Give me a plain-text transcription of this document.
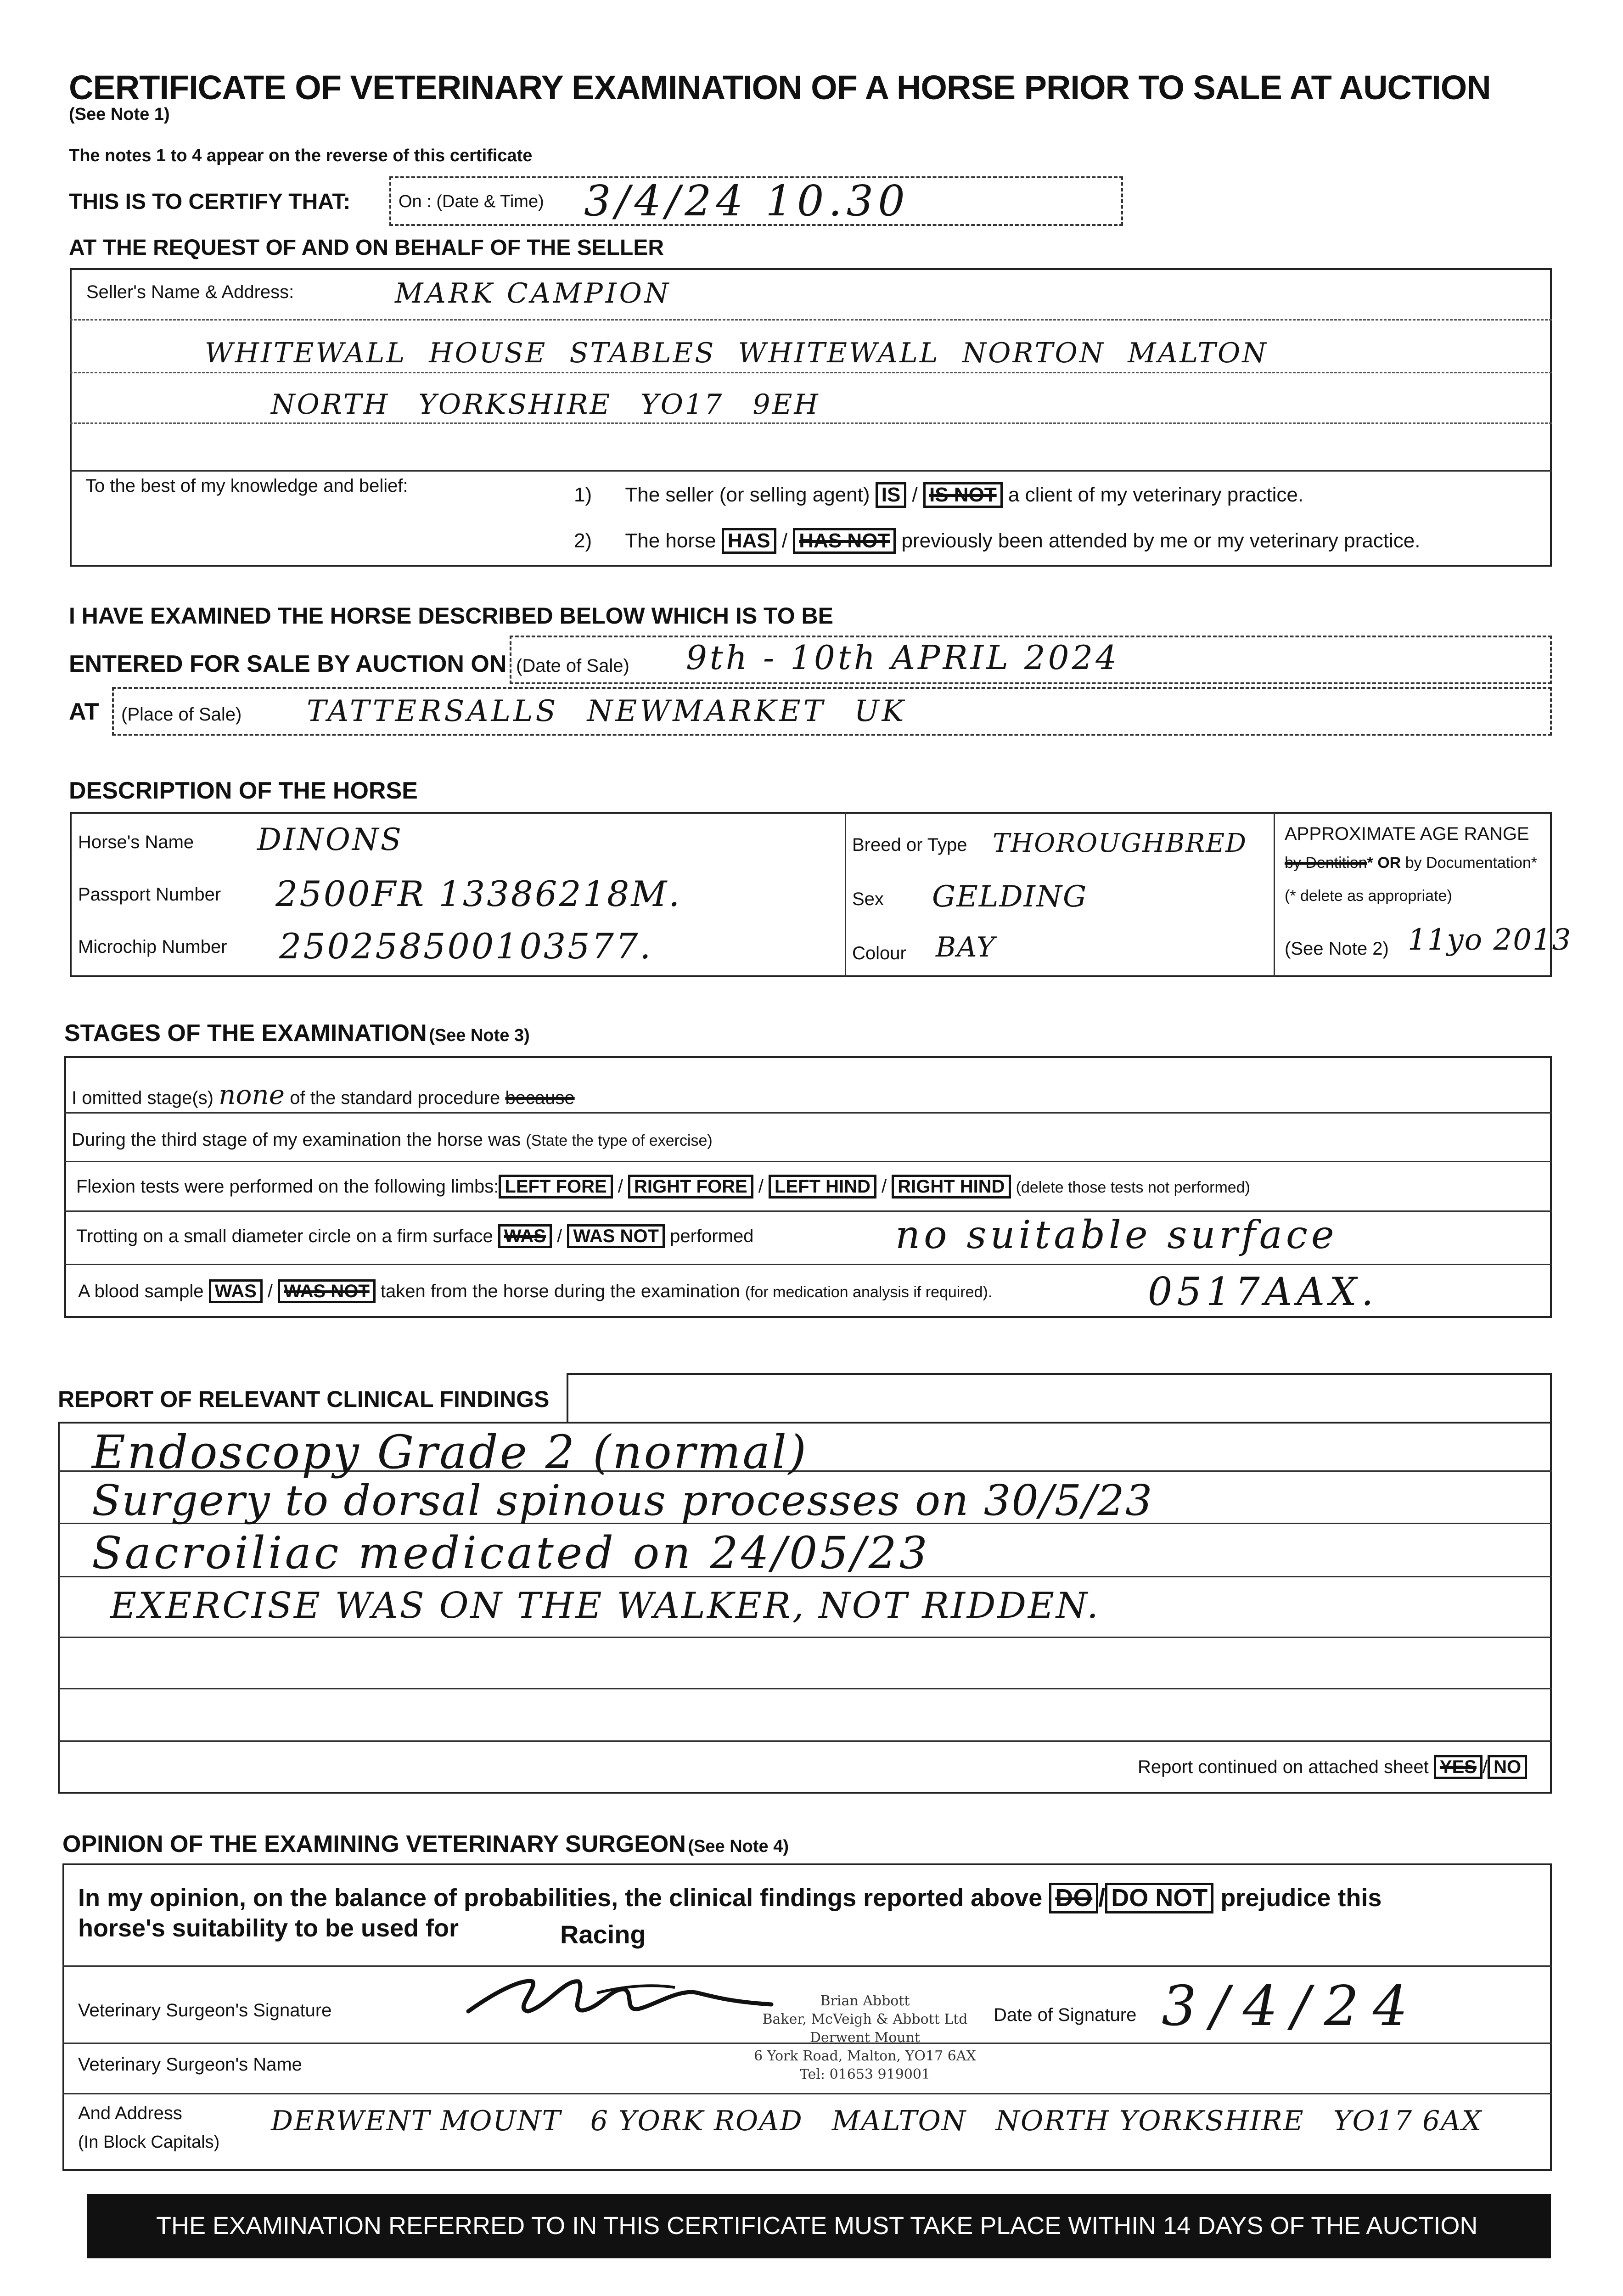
CERTIFICATE OF VETERINARY EXAMINATION OF A HORSE PRIOR TO SALE AT AUCTION
(See Note 1)
The notes 1 to 4 appear on the reverse of this certificate
THIS IS TO CERTIFY THAT:	On : (Date & Time) 3/4/24 10.30
AT THE REQUEST OF AND ON BEHALF OF THE SELLER
Seller's Name & Address:	MARK CAMPION
WHITEWALL HOUSE STABLES WHITEWALL NORTON MALTON
NORTH YORKSHIRE YO17 9EH
To the best of my knowledge and belief:	1) The seller (or selling agent) IS / IS NOT a client of my veterinary practice.
2) The horse HAS / HAS NOT previously been attended by me or my veterinary practice.
I HAVE EXAMINED THE HORSE DESCRIBED BELOW WHICH IS TO BE
ENTERED FOR SALE BY AUCTION ON (Date of Sale) 9th - 10th APRIL 2024
AT (Place of Sale) TATTERSALLS NEWMARKET UK
DESCRIPTION OF THE HORSE
Horse's Name DINONS
Passport Number 2500FR 13386218M.
Microchip Number 250258500103577.
Breed or Type THOROUGHBRED
Sex GELDING
Colour BAY
APPROXIMATE AGE RANGE
by Dentition* OR by Documentation*
(* delete as appropriate)
(See Note 2) 11yo 2013
STAGES OF THE EXAMINATION (See Note 3)
I omitted stage(s) none of the standard procedure because
During the third stage of my examination the horse was (State the type of exercise)
Flexion tests were performed on the following limbs: LEFT FORE / RIGHT FORE / LEFT HIND / RIGHT HIND (delete those tests not performed)
Trotting on a small diameter circle on a firm surface WAS / WAS NOT performed	no suitable surface
A blood sample WAS / WAS NOT taken from the horse during the examination (for medication analysis if required).	0517AAX.
REPORT OF RELEVANT CLINICAL FINDINGS
Endoscopy Grade 2 (normal)
Surgery to dorsal spinous processes on 30/5/23
Sacroiliac medicated on 24/05/23
EXERCISE WAS ON THE WALKER, NOT RIDDEN.
Report continued on attached sheet YES / NO
OPINION OF THE EXAMINING VETERINARY SURGEON (See Note 4)
In my opinion, on the balance of probabilities, the clinical findings reported above DO / DO NOT prejudice this
horse's suitability to be used for	Racing
Veterinary Surgeon's Signature	Brian Abbott
Baker, McVeigh & Abbott Ltd
Derwent Mount
6 York Road, Malton, YO17 6AX
Tel: 01653 919001
Date of Signature 3/4/24
Veterinary Surgeon's Name
And Address
(In Block Capitals)
DERWENT MOUNT   6 YORK ROAD   MALTON   NORTH YORKSHIRE   YO17 6AX
THE EXAMINATION REFERRED TO IN THIS CERTIFICATE MUST TAKE PLACE WITHIN 14 DAYS OF THE AUCTION
